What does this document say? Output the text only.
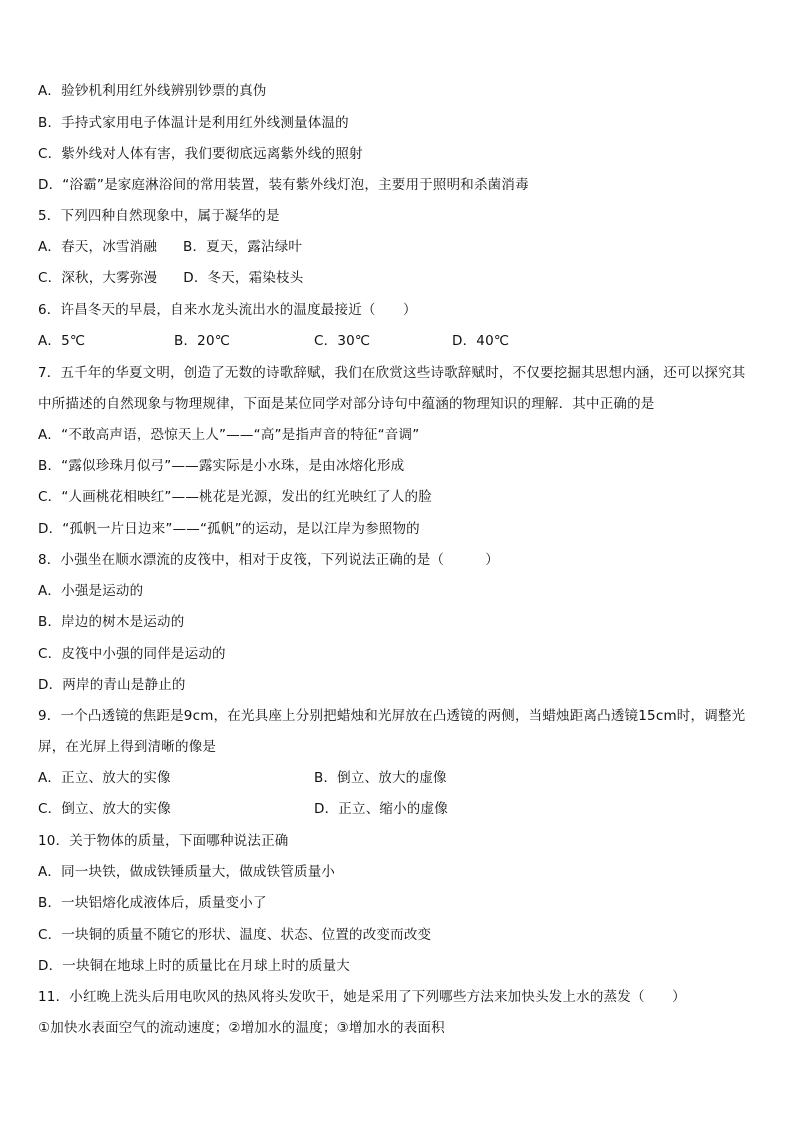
A．验钞机利用红外线辨别钞票的真伪
B．手持式家用电子体温计是利用红外线测量体温的
C．紫外线对人体有害，我们要彻底远离紫外线的照射
D．“浴霸”是家庭淋浴间的常用装置，装有紫外线灯泡，主要用于照明和杀菌消毒
5．下列四种自然现象中，属于凝华的是
A．春天，冰雪消融 B．夏天，露沾绿叶
C．深秋，大雾弥漫 D．冬天，霜染枝头
6．许昌冬天的早晨，自来水龙头流出水的温度最接近（　　）
A．5℃	B．20℃	C．30℃	D．40℃

7．五千年的华夏文明，创造了无数的诗歌辞赋，我们在欣赏这些诗歌辞赋时，不仅要挖掘其思想内涵，还可以探究其
中所描述的自然现象与物理规律，下面是某位同学对部分诗句中蕴涵的物理知识的理解．其中正确的是
A．“不敢高声语，恐惊天上人”——“高”是指声音的特征“音调”
B．“露似珍珠月似弓”——露实际是小水珠，是由冰熔化形成
C．“人画桃花相映红”——桃花是光源，发出的红光映红了人的脸
D．“孤帆一片日边来”——“孤帆”的运动，是以江岸为参照物的
8．小强坐在顺水漂流的皮筏中，相对于皮筏，下列说法正确的是（　　　）
A．小强是运动的
B．岸边的树木是运动的
C．皮筏中小强的同伴是运动的
D．两岸的青山是静止的
9．一个凸透镜的焦距是9cm，在光具座上分别把蜡烛和光屏放在凸透镜的两侧，当蜡烛距离凸透镜15cm时，调整光
屏，在光屏上得到清晰的像是
A．正立、放大的实像	B．倒立、放大的虚像

C．倒立、放大的实像	D．正立、缩小的虚像

10．关于物体的质量，下面哪种说法正确
A．同一块铁，做成铁锤质量大，做成铁管质量小
B．一块铝熔化成液体后，质量变小了
C．一块铜的质量不随它的形状、温度、状态、位置的改变而改变
D．一块铜在地球上时的质量比在月球上时的质量大
11．小红晚上洗头后用电吹风的热风将头发吹干，她是采用了下列哪些方法来加快头发上水的蒸发（　　）
①加快水表面空气的流动速度；②增加水的温度；③增加水的表面积
